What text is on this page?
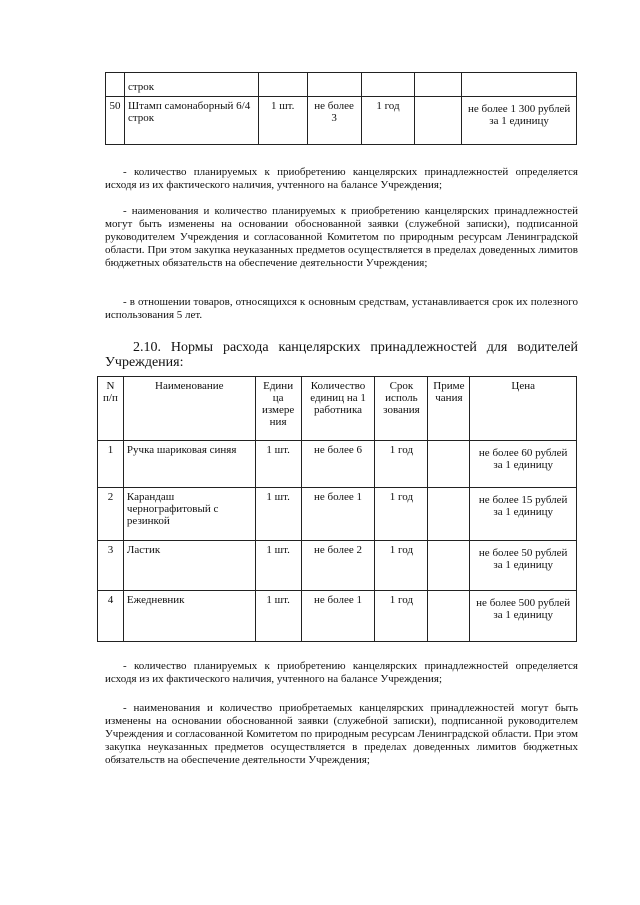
	строк					
50	Штамп самонаборный 6/4 строк	1 шт.	не более 3	1 год		не более 1 300 рублей за 1 единицу

- количество планируемых к приобретению канцелярских принадлежностей определяется исходя из их фактического наличия, учтенного на балансе Учреждения;

- наименования и количество планируемых к приобретению канцелярских принадлежностей могут быть изменены на основании обоснованной заявки (служебной записки), подписанной руководителем Учреждения и согласованной Комитетом по природным ресурсам Ленинградской области. При этом закупка неуказанных предметов осуществляется в пределах доведенных лимитов бюджетных обязательств на обеспечение деятельности Учреждения;

- в отношении товаров, относящихся к основным средствам, устанавливается срок их полезного использования 5 лет.

2.10. Нормы расхода канцелярских принадлежностей для водителей Учреждения:

N п/п	Наименование	Едини ца измере ния	Количество единиц на 1 работника	Срок исполь зования	Приме чания	Цена
1	Ручка шариковая синяя	1 шт.	не более 6	1 год		не более 60 рублей за 1 единицу
2	Карандаш чернографитовый с резинкой	1 шт.	не более 1	1 год		не более 15 рублей за 1 единицу
3	Ластик	1 шт.	не более 2	1 год		не более 50 рублей за 1 единицу
4	Ежедневник	1 шт.	не более 1	1 год		не более 500 рублей за 1 единицу

- количество планируемых к приобретению канцелярских принадлежностей определяется исходя из их фактического наличия, учтенного на балансе Учреждения;

- наименования и количество приобретаемых канцелярских принадлежностей могут быть изменены на основании обоснованной заявки (служебной записки), подписанной руководителем Учреждения и согласованной Комитетом по природным ресурсам Ленинградской области. При этом закупка неуказанных предметов осуществляется в пределах доведенных лимитов бюджетных обязательств на обеспечение деятельности Учреждения;
